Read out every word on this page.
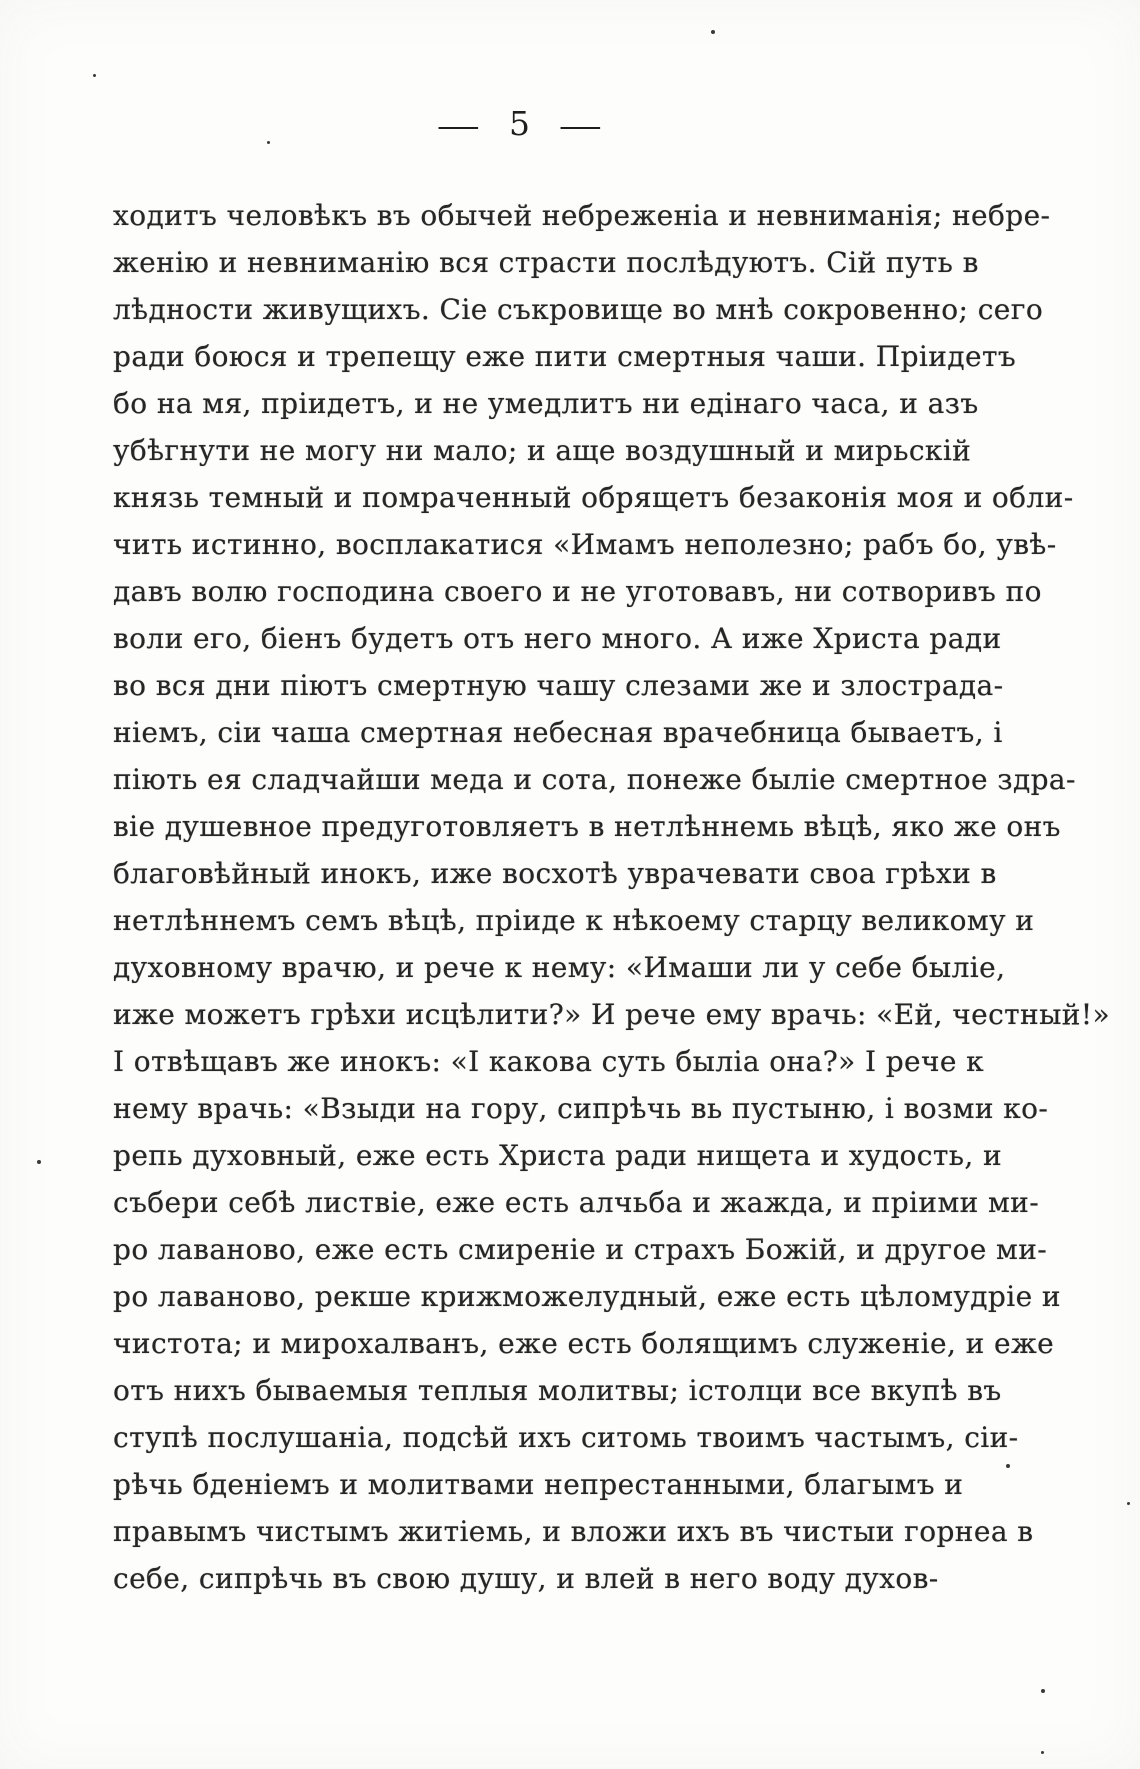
— 5 —
ходитъ человѣкъ въ обычей небреженіа и невниманія; небре-
женію и невниманію вся страсти послѣдуютъ. Сій путь в
лѣдности живущихъ. Сіе съкровище во мнѣ сокровенно; сего
ради боюся и трепещу еже пити смертныя чаши. Пріидетъ
бо на мя, пріидетъ, и не умедлитъ ни едінаго часа, и азъ
убѣгнути не могу ни мало; и аще воздушный и мирьскій
князь темный и помраченный обрящетъ безаконія моя и обли-
чить истинно, восплакатися «Имамъ неполезно; рабъ бо, увѣ-
давъ волю господина своего и не уготовавъ, ни сотворивъ по
воли его, біенъ будетъ отъ него много. А иже Христа ради
во вся дни піютъ смертную чашу слезами же и злострада-
ніемъ, сіи чаша смертная небесная врачебница бываетъ, і
піють ея сладчайши меда и сота, понеже быліе смертное здра-
віе душевное предуготовляетъ в нетлѣннемь вѣцѣ, яко же онъ
благовѣйный инокъ, иже восхотѣ уврачевати своа грѣхи в
нетлѣннемъ семъ вѣцѣ, пріиде к нѣкоему старцу великому и
духовному врачю, и рече к нему: «Имаши ли у себе быліе,
иже можетъ грѣхи исцѣлити?» И рече ему врачь: «Ей, честный!»
І отвѣщавъ же инокъ: «І какова суть быліа она?» І рече к
нему врачь: «Взыди на гору, сипрѣчь вь пустыню, і возми ко-
репь духовный, еже есть Христа ради нищета и худость, и
събери себѣ листвіе, еже есть алчьба и жажда, и пріими ми-
ро лаваново, еже есть смиреніе и страхъ Божій, и другое ми-
ро лаваново, рекше крижможелудный, еже есть цѣломудріе и
чистота; и мирохалванъ, еже есть болящимъ служеніе, и еже
отъ нихъ бываемыя теплыя молитвы; істолци все вкупѣ въ
ступѣ послушаніа, подсѣй ихъ ситомь твоимъ частымъ, сіи-
рѣчь бденіемъ и молитвами непрестанными, благымъ и
правымъ чистымъ житіемь, и вложи ихъ въ чистыи горнеа в
себе, сипрѣчь въ свою душу, и влей в него воду духов-
